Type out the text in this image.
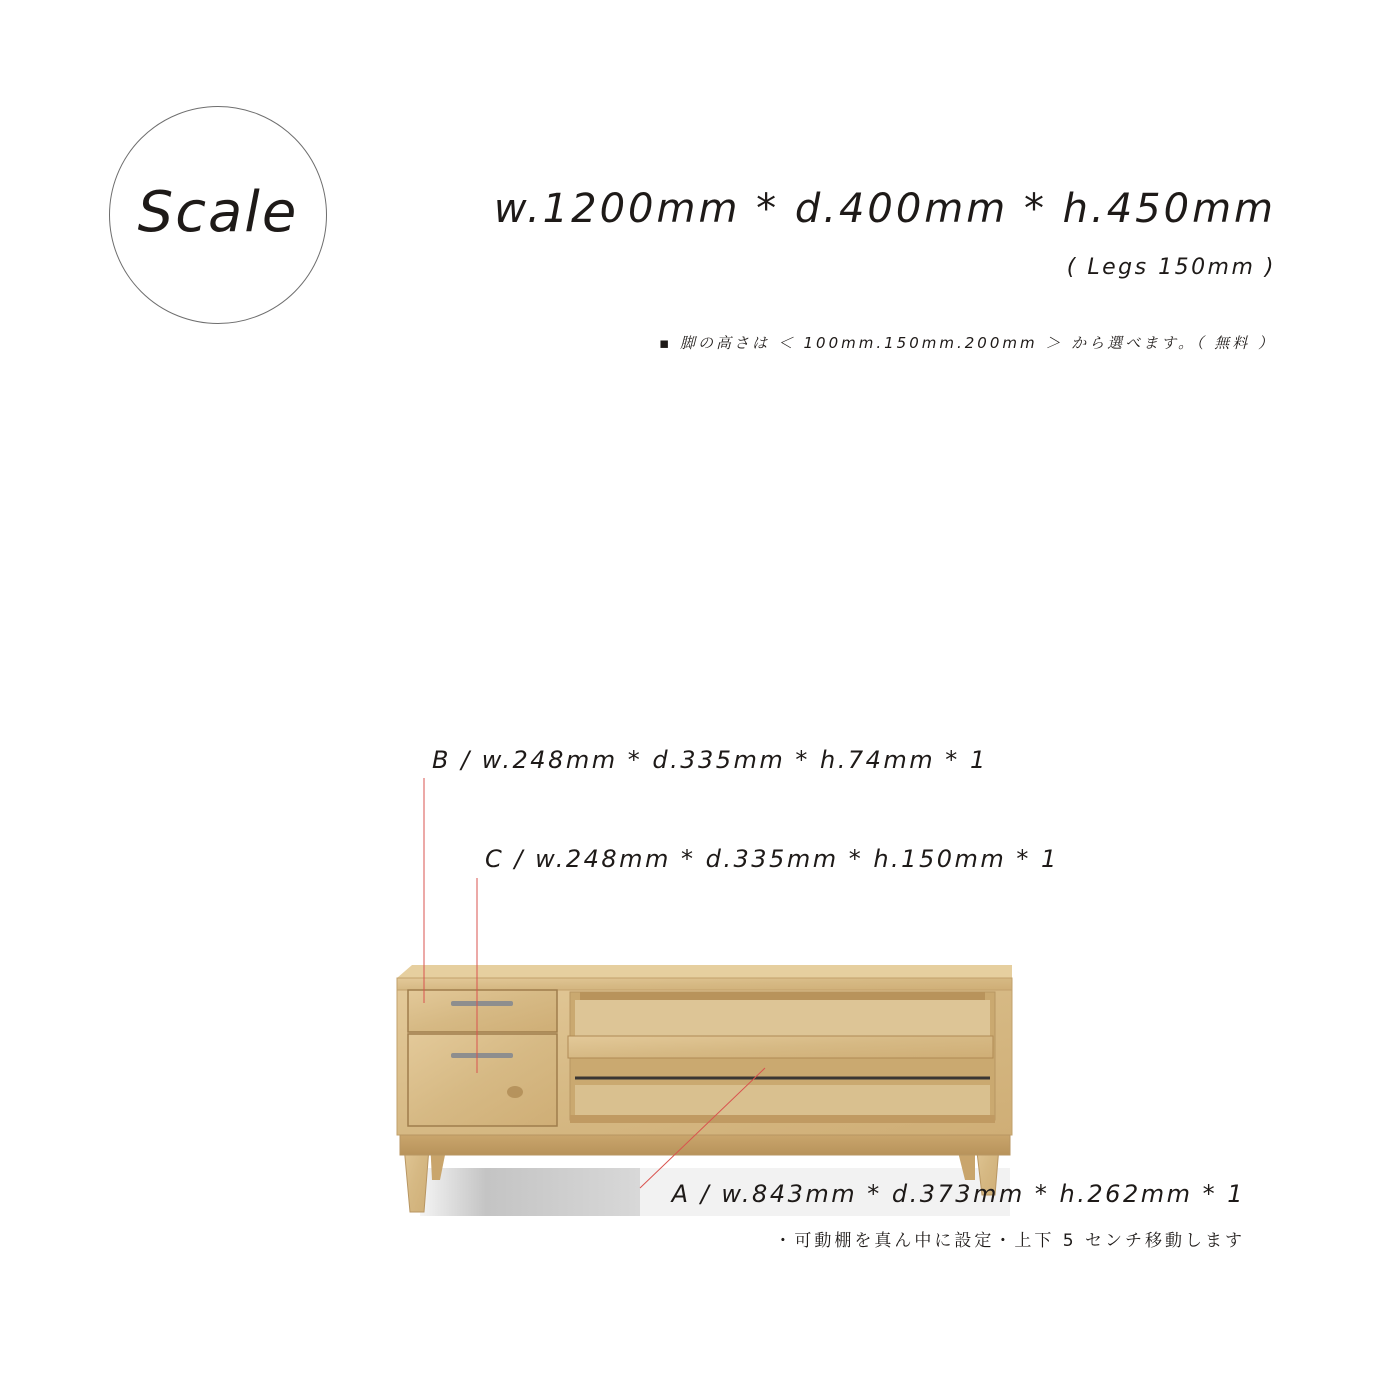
Scale	w.1200mm * d.400mm * h.450mm
( Legs 150mm )
▪ 脚の高さは ＜ 100mm.150mm.200mm ＞ から選べます。（ 無料 ）
B / w.248mm * d.335mm * h.74mm * 1
C / w.248mm * d.335mm * h.150mm * 1
A / w.843mm * d.373mm * h.262mm * 1
・可動棚を真ん中に設定・上下 5 センチ移動します
